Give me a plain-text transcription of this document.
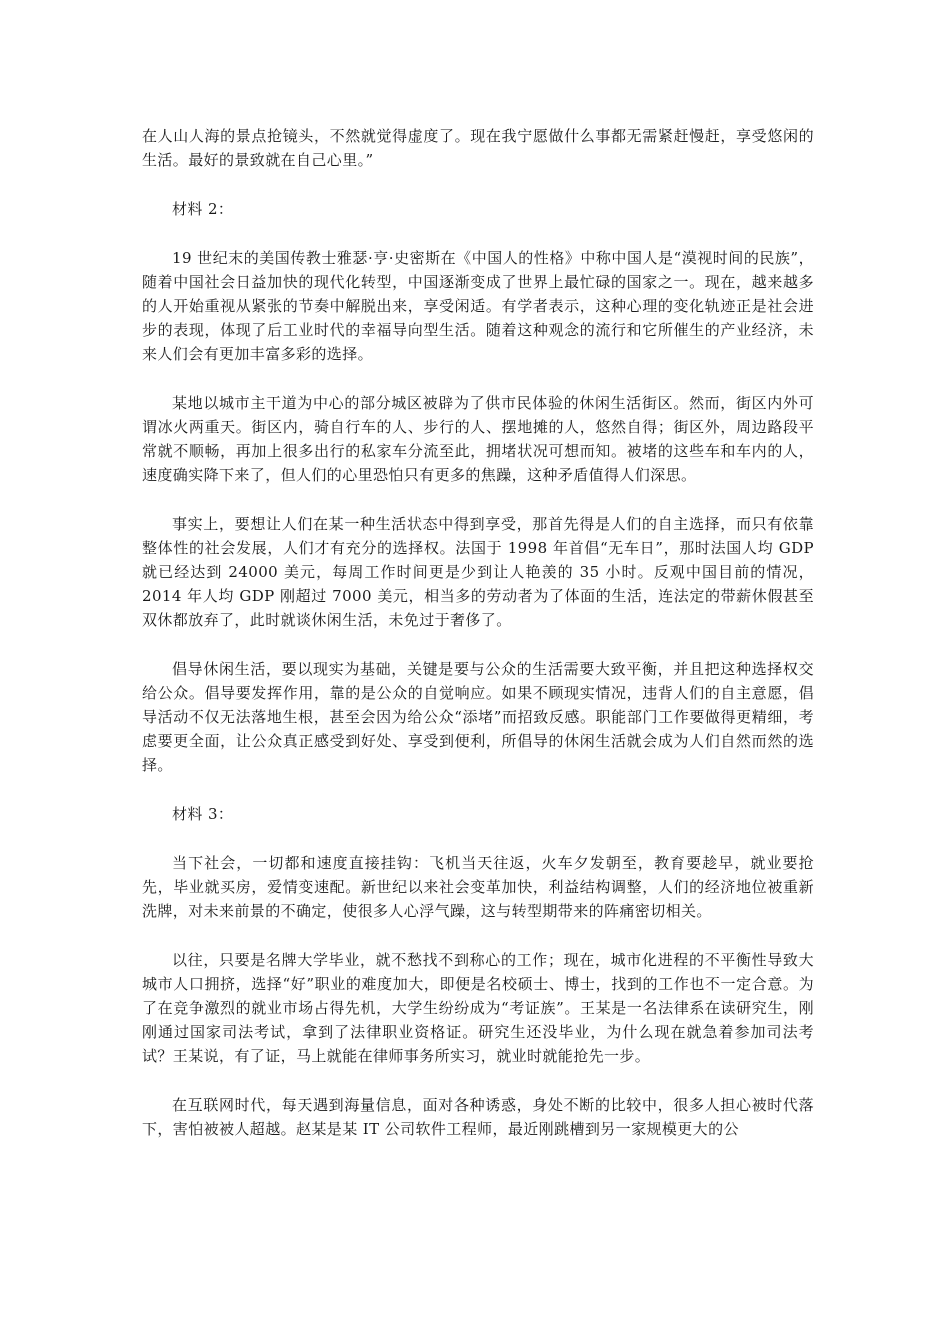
在人山人海的景点抢镜头，不然就觉得虚度了。现在我宁愿做什么事都无需紧赶慢赶，享受悠闲的生活。最好的景致就在自己心里。”

材料 2：

19 世纪末的美国传教士雅瑟·亨·史密斯在《中国人的性格》中称中国人是“漠视时间的民族”，随着中国社会日益加快的现代化转型，中国逐渐变成了世界上最忙碌的国家之一。现在，越来越多的人开始重视从紧张的节奏中解脱出来，享受闲适。有学者表示，这种心理的变化轨迹正是社会进步的表现，体现了后工业时代的幸福导向型生活。随着这种观念的流行和它所催生的产业经济，未来人们会有更加丰富多彩的选择。

某地以城市主干道为中心的部分城区被辟为了供市民体验的休闲生活街区。然而，街区内外可谓冰火两重天。街区内，骑自行车的人、步行的人、摆地摊的人，悠然自得；街区外，周边路段平常就不顺畅，再加上很多出行的私家车分流至此，拥堵状况可想而知。被堵的这些车和车内的人，速度确实降下来了，但人们的心里恐怕只有更多的焦躁，这种矛盾值得人们深思。

事实上，要想让人们在某一种生活状态中得到享受，那首先得是人们的自主选择，而只有依靠整体性的社会发展，人们才有充分的选择权。法国于 1998 年首倡“无车日”，那时法国人均 GDP 就已经达到 24000 美元，每周工作时间更是少到让人艳羡的 35 小时。反观中国目前的情况，2014 年人均 GDP 刚超过 7000 美元，相当多的劳动者为了体面的生活，连法定的带薪休假甚至双休都放弃了，此时就谈休闲生活，未免过于奢侈了。

倡导休闲生活，要以现实为基础，关键是要与公众的生活需要大致平衡，并且把这种选择权交给公众。倡导要发挥作用，靠的是公众的自觉响应。如果不顾现实情况，违背人们的自主意愿，倡导活动不仅无法落地生根，甚至会因为给公众“添堵”而招致反感。职能部门工作要做得更精细，考虑要更全面，让公众真正感受到好处、享受到便利，所倡导的休闲生活就会成为人们自然而然的选择。

材料 3：

当下社会，一切都和速度直接挂钩：飞机当天往返，火车夕发朝至，教育要趁早，就业要抢先，毕业就买房，爱情变速配。新世纪以来社会变革加快，利益结构调整，人们的经济地位被重新洗牌，对未来前景的不确定，使很多人心浮气躁，这与转型期带来的阵痛密切相关。

以往，只要是名牌大学毕业，就不愁找不到称心的工作；现在，城市化进程的不平衡性导致大城市人口拥挤，选择“好”职业的难度加大，即便是名校硕士、博士，找到的工作也不一定合意。为了在竞争激烈的就业市场占得先机，大学生纷纷成为“考证族”。王某是一名法律系在读研究生，刚刚通过国家司法考试，拿到了法律职业资格证。研究生还没毕业，为什么现在就急着参加司法考试？王某说，有了证，马上就能在律师事务所实习，就业时就能抢先一步。

在互联网时代，每天遇到海量信息，面对各种诱惑，身处不断的比较中，很多人担心被时代落下，害怕被被人超越。赵某是某 IT 公司软件工程师，最近刚跳槽到另一家规模更大的公
